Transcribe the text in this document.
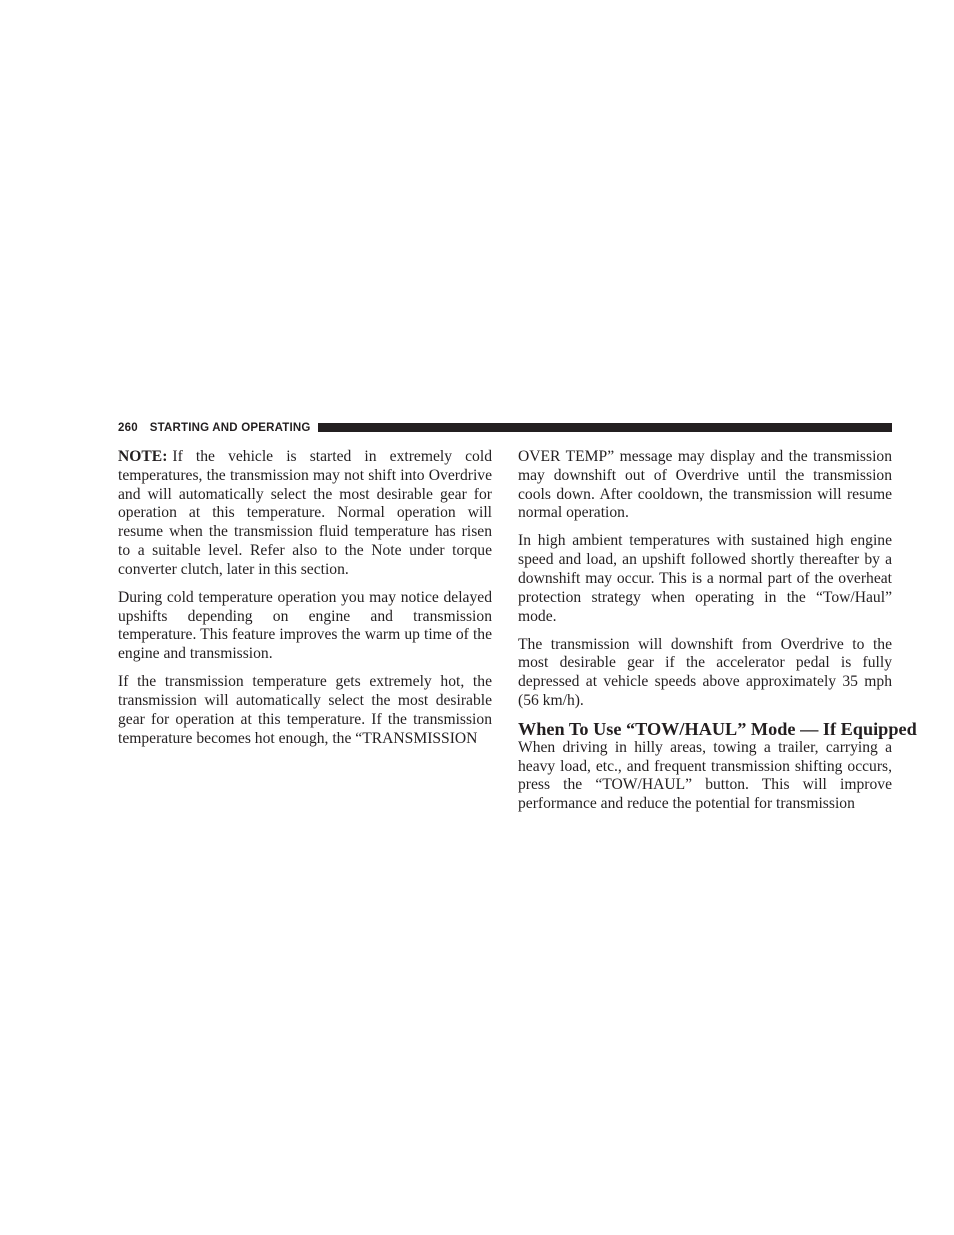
260 STARTING AND OPERATING

NOTE: If the vehicle is started in extremely cold temperatures, the transmission may not shift into Overdrive and will automatically select the most desirable gear for operation at this temperature. Normal operation will resume when the transmission fluid temperature has risen to a suitable level. Refer also to the Note under torque converter clutch, later in this section.

During cold temperature operation you may notice delayed upshifts depending on engine and transmission temperature. This feature improves the warm up time of the engine and transmission.

If the transmission temperature gets extremely hot, the transmission will automatically select the most desirable gear for operation at this temperature. If the transmission temperature becomes hot enough, the “TRANSMISSION

OVER TEMP” message may display and the transmission may downshift out of Overdrive until the transmission cools down. After cooldown, the transmission will resume normal operation.

In high ambient temperatures with sustained high engine speed and load, an upshift followed shortly thereafter by a downshift may occur. This is a normal part of the overheat protection strategy when operating in the “Tow/Haul” mode.

The transmission will downshift from Overdrive to the most desirable gear if the accelerator pedal is fully depressed at vehicle speeds above approximately 35 mph (56 km/h).

When To Use “TOW/HAUL” Mode — If Equipped

When driving in hilly areas, towing a trailer, carrying a heavy load, etc., and frequent transmission shifting occurs, press the “TOW/HAUL” button. This will improve performance and reduce the potential for transmission
